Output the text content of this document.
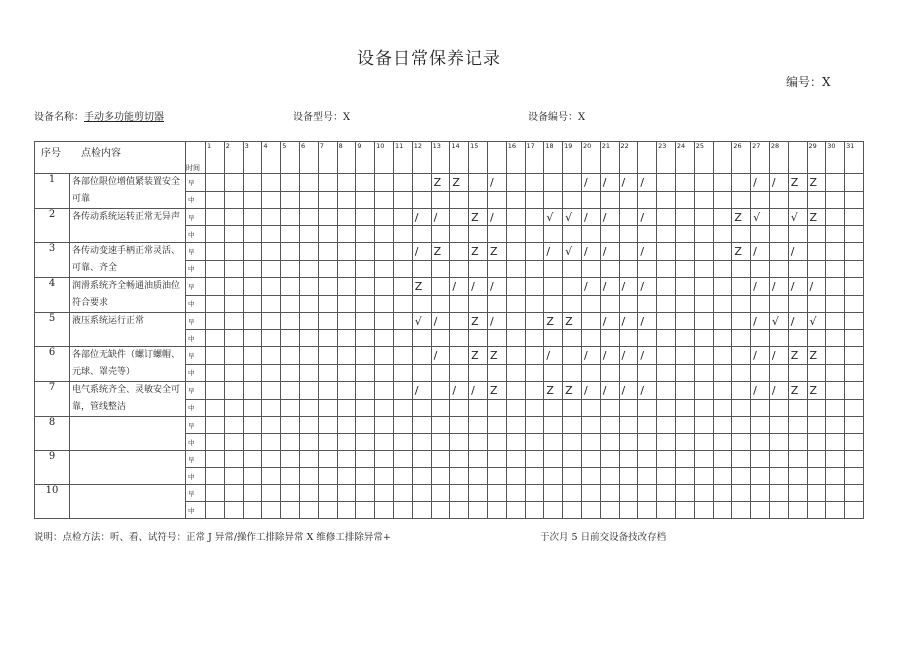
设备日常保养记录
编号：X
设备名称：手动多功能剪切器	设备型号：X	设备编号：X
序号 点检内容		时间	1	2	3	4	5	6	7	8	9	10	11	12	13	14	15		16	17	18	19	20	21	22		23	24	25		26	27	28		29	30	31
1	各部位限位增值紧装置安全可靠	早													Z	Z		/					/	/	/	/						/	/	Z	Z		
		中																																			
2	各传动系统运转正常无异声	早												/	/		Z	/			√	√	/	/		/					Z	√		√	Z		
		中																																			
3	各传动变速手柄正常灵活、可靠、齐全	早												/	Z		Z	Z			/	√	/	/		/					Z	/		/			
		中																																			
4	润滑系统齐全畅通油质油位符合要求	早												Z		/	/	/					/	/	/	/						/	/	/	/		
		中																																			
5	液压系统运行正常	早												√	/		Z	/			Z	Z		/	/	/						/	√	/	√		
		中																																			
6	各部位无缺件（螺订螺帽、元球、罩壳等）	早													/		Z	Z			/		/	/	/	/						/	/	Z	Z		
		中																																			
7	电气系统齐全、灵敏安全可靠，管线整洁	早												/		/	/	Z			Z	Z	/	/	/	/						/	/	Z	Z		
		中																																			
8		早																																			
		中																																			
9		早																																			
		中																																			
10		早																																			
		中																																			
说明：点检方法：听、看、试符号：正常 J 异常/操作工排除异常 X 维修工排除异常+	于次月 5 日前交设备技改存档
